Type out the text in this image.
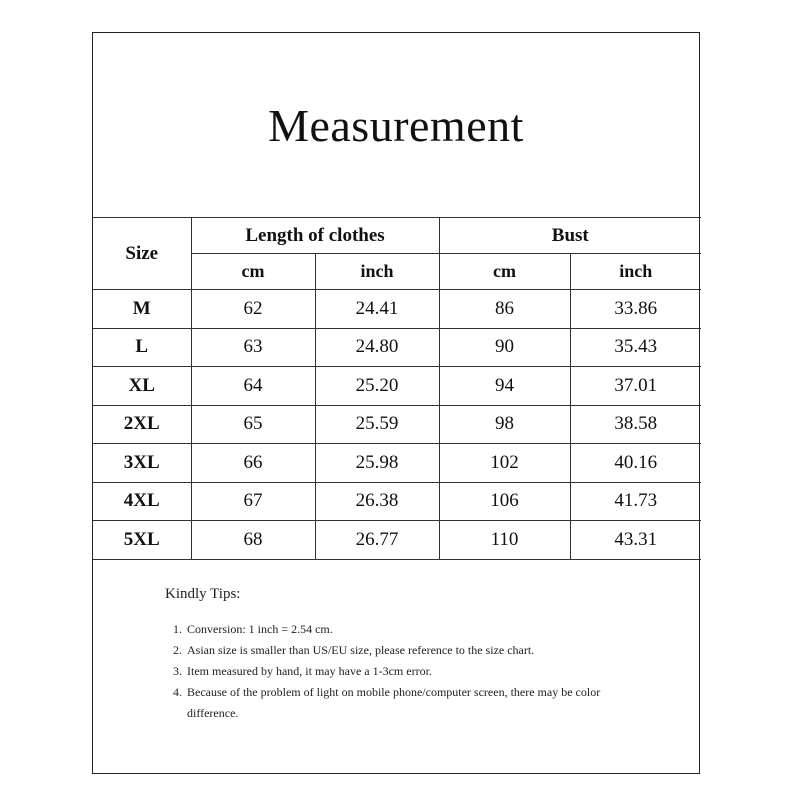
Measurement
Size	Length of clothes		Bust	
	cm	inch	cm	inch
M	62	24.41	86	33.86
L	63	24.80	90	35.43
XL	64	25.20	94	37.01
2XL	65	25.59	98	38.58
3XL	66	25.98	102	40.16
4XL	67	26.38	106	41.73
5XL	68	26.77	110	43.31
Kindly Tips:
1. Conversion: 1 inch = 2.54 cm.
2. Asian size is smaller than US/EU size, please reference to the size chart.
3. Item measured by hand, it may have a 1-3cm error.
4. Because of the problem of light on mobile phone/computer screen, there may be color difference.
